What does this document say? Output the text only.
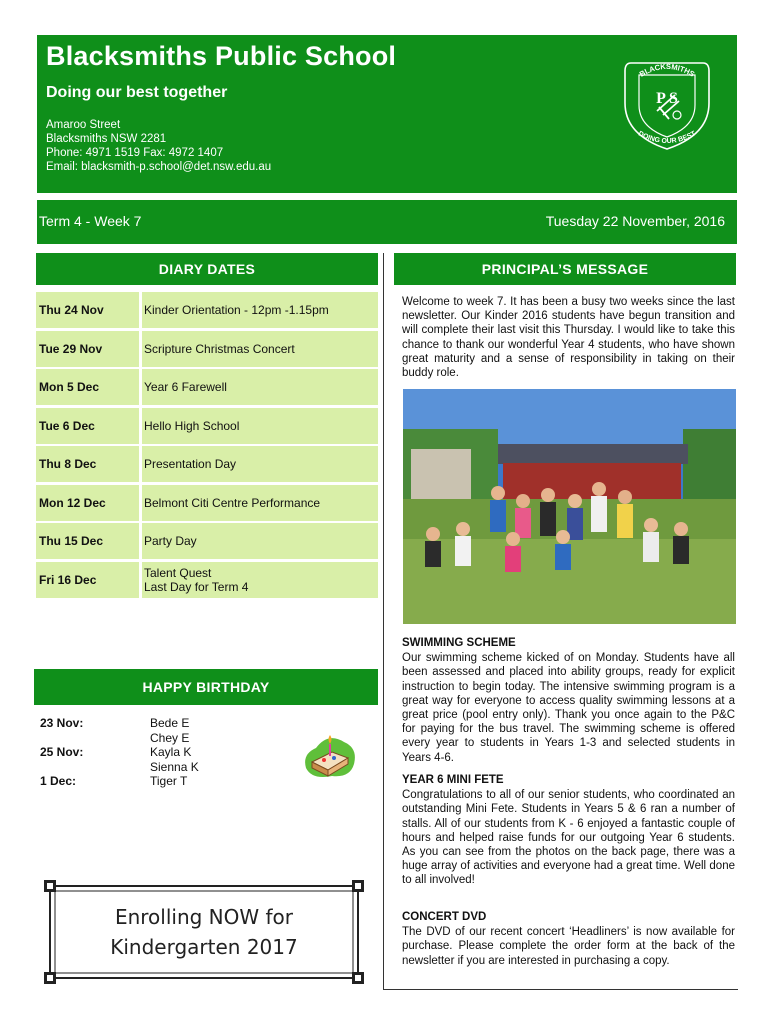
Blacksmiths Public School
Doing our best together
Amaroo Street
Blacksmiths NSW 2281
Phone: 4971 1519 Fax: 4972 1407
Email: blacksmith-p.school@det.nsw.edu.au
BLACKSMITHS
DOING OUR BEST
P S
Term 4 - Week 7	Tuesday 22 November, 2016
DIARY DATES	PRINCIPAL’S MESSAGE
HAPPY BIRTHDAY
Thu 24 Nov	Kinder Orientation - 12pm -1.15pm
Tue 29 Nov	Scripture Christmas Concert
Mon 5 Dec	Year 6 Farewell
Tue 6 Dec	Hello High School
Thu 8 Dec	Presentation Day
Mon 12 Dec	Belmont Citi Centre Performance
Thu 15 Dec	Party Day
Fri 16 Dec	Talent Quest
Last Day for Term 4
23 Nov:	Bede E
Chey E
25 Nov:	Kayla K
Sienna K
1 Dec:	Tiger T
Enrolling NOW for
Kindergarten 2017
Welcome to week 7. It has been a busy two weeks since the last newsletter. Our Kinder 2016 students have begun transition and will complete their last visit this Thursday. I would like to take this chance to thank our wonderful Year 4 students, who have shown great maturity and a sense of responsibility in taking on their buddy role.
SWIMMING SCHEME

Our swimming scheme kicked of on Monday. Students have all been assessed and placed into ability groups, ready for explicit instruction to begin today. The intensive swimming program is a great way for everyone to access quality swimming lessons at a great price (pool entry only). Thank you once again to the P&C for paying for the bus travel. The swimming scheme is offered every year to students in Years 1-3 and selected students in Years 4-6.

YEAR 6 MINI FETE

Congratulations to all of our senior students, who coordinated an outstanding Mini Fete. Students in Years 5 & 6 ran a number of stalls. All of our students from K - 6 enjoyed a fantastic couple of hours and helped raise funds for our outgoing Year 6 students. As you can see from the photos on the back page, there was a huge array of activities and everyone had a great time. Well done to all involved!

CONCERT DVD

The DVD of our recent concert ‘Headliners’ is now available for purchase. Please complete the order form at the back of the newsletter if you are interested in purchasing a copy.
